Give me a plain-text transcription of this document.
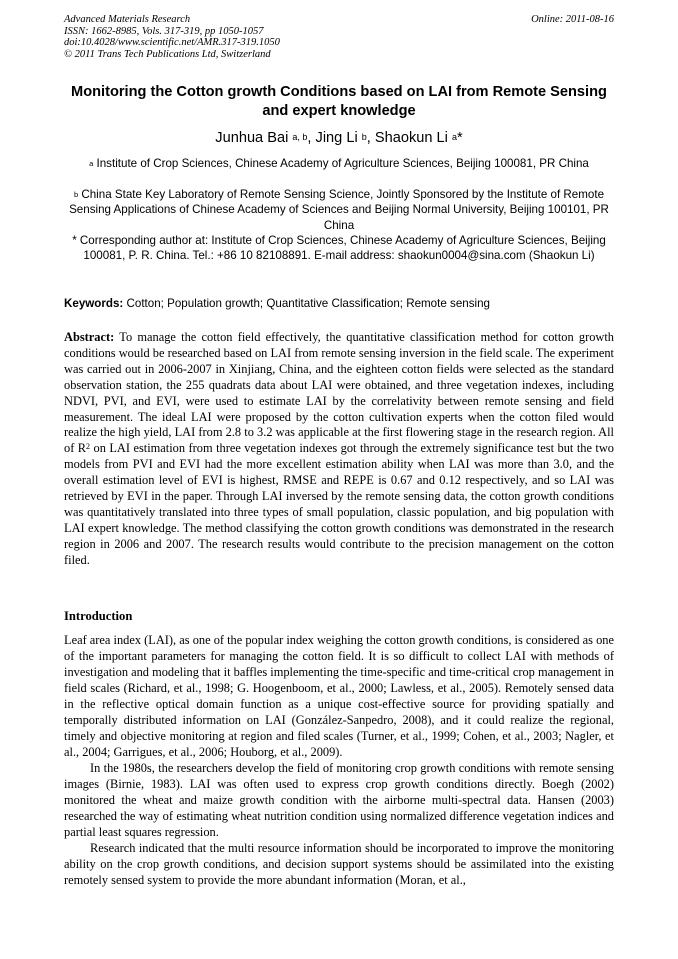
Advanced Materials Research
ISSN: 1662-8985, Vols. 317-319, pp 1050-1057
doi:10.4028/www.scientific.net/AMR.317-319.1050
© 2011 Trans Tech Publications Ltd, Switzerland
Online: 2011-08-16
Monitoring the Cotton growth Conditions based on LAI from Remote Sensing and expert knowledge
Junhua Bai $^{a, b}$, Jing Li $^b$, Shaokun Li $^a$*
$^a$ Institute of Crop Sciences, Chinese Academy of Agriculture Sciences, Beijing 100081, PR China
$^b$ China State Key Laboratory of Remote Sensing Science, Jointly Sponsored by the Institute of Remote Sensing Applications of Chinese Academy of Sciences and Beijing Normal University, Beijing 100101, PR China
* Corresponding author at: Institute of Crop Sciences, Chinese Academy of Agriculture Sciences, Beijing 100081, P. R. China. Tel.: +86 10 82108891. E-mail address: shaokun0004@sina.com (Shaokun Li)
Keywords: Cotton; Population growth; Quantitative Classification; Remote sensing
Abstract: To manage the cotton field effectively, the quantitative classification method for cotton growth conditions would be researched based on LAI from remote sensing inversion in the field scale. The experiment was carried out in 2006-2007 in Xinjiang, China, and the eighteen cotton fields were selected as the standard observation station, the 255 quadrats data about LAI were obtained, and three vegetation indexes, including NDVI, PVI, and EVI, were used to estimate LAI by the correlativity between remote sensing and field measurement. The ideal LAI were proposed by the cotton cultivation experts when the cotton filed would realize the high yield, LAI from 2.8 to 3.2 was applicable at the first flowering stage in the research region. All of $R^2$ on LAI estimation from three vegetation indexes got through the extremely significance test but the two models from PVI and EVI had the more excellent estimation ability when LAI was more than 3.0, and the overall estimation level of EVI is highest, RMSE and REPE is 0.67 and 0.12 respectively, and so LAI was retrieved by EVI in the paper. Through LAI inversed by the remote sensing data, the cotton growth conditions was quantitatively translated into three types of small population, classic population, and big population with LAI expert knowledge. The method classifying the cotton growth conditions was demonstrated in the research region in 2006 and 2007. The research results would contribute to the precision management on the cotton filed.
Introduction

Leaf area index (LAI), as one of the popular index weighing the cotton growth conditions, is considered as one of the important parameters for managing the cotton field. It is so difficult to collect LAI with methods of investigation and modeling that it baffles implementing the time-specific and time-critical crop management in field scales (Richard, et al., 1998; G. Hoogenboom, et al., 2000; Lawless, et al., 2005). Remotely sensed data in the reflective optical domain function as a unique cost-effective source for providing spatially and temporally distributed information on LAI (González-Sanpedro, 2008), and it could realize the regional, timely and objective monitoring at region and filed scales (Turner, et al., 1999; Cohen, et al., 2003; Nagler, et al., 2004; Garrigues, et al., 2006; Houborg, et al., 2009).

In the 1980s, the researchers develop the field of monitoring crop growth conditions with remote sensing images (Birnie, 1983). LAI was often used to express crop growth conditions directly. Boegh (2002) monitored the wheat and maize growth condition with the airborne multi-spectral data. Hansen (2003) researched the way of estimating wheat nutrition condition using normalized difference vegetation indices and partial least squares regression.

Research indicated that the multi resource information should be incorporated to improve the monitoring ability on the crop growth conditions, and decision support systems should be assimilated into the existing remotely sensed system to provide the more abundant information (Moran, et al.,
